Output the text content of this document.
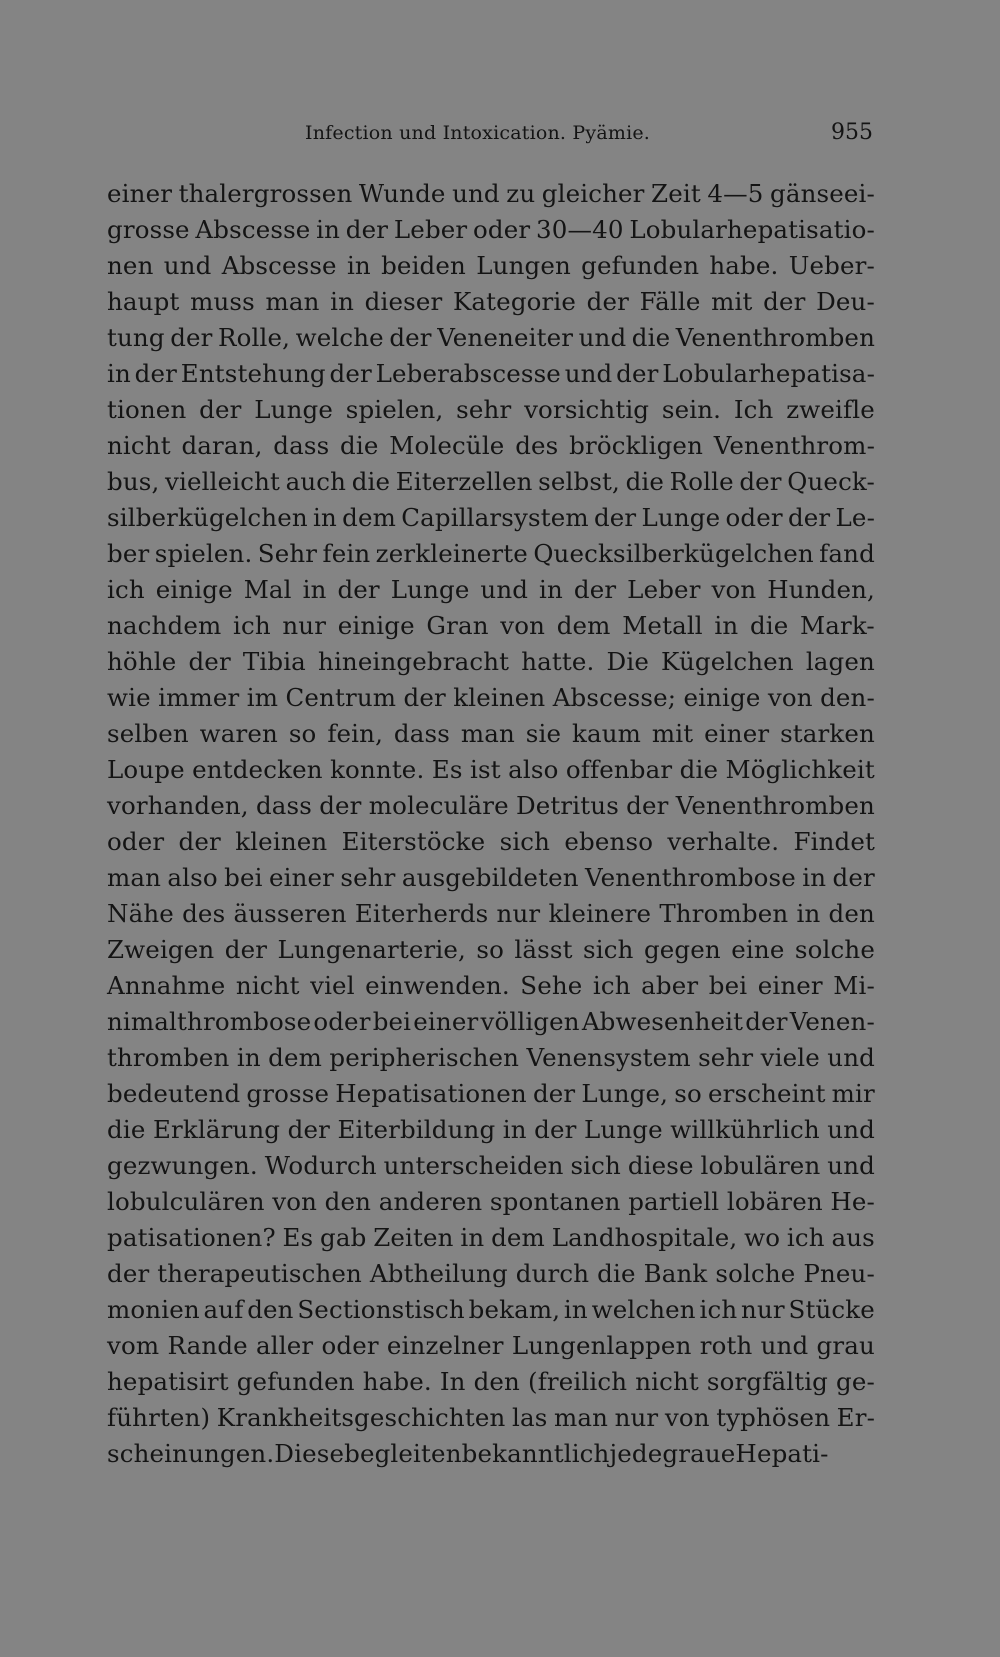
Infection und Intoxication. Pyämie.	955
einer thalergrossen Wunde und zu gleicher Zeit 4—5 gänseei-
grosse Abscesse in der Leber oder 30—40 Lobularhepatisatio-
nen und Abscesse in beiden Lungen gefunden habe. Ueber-
haupt muss man in dieser Kategorie der Fälle mit der Deu-
tung der Rolle, welche der Veneneiter und die Venenthromben
in der Entstehung der Leberabscesse und der Lobularhepatisa-
tionen der Lunge spielen, sehr vorsichtig sein. Ich zweifle
nicht daran, dass die Molecüle des bröckligen Venenthrom-
bus, vielleicht auch die Eiterzellen selbst, die Rolle der Queck-
silberkügelchen in dem Capillarsystem der Lunge oder der Le-
ber spielen. Sehr fein zerkleinerte Quecksilberkügelchen fand
ich einige Mal in der Lunge und in der Leber von Hunden,
nachdem ich nur einige Gran von dem Metall in die Mark-
höhle der Tibia hineingebracht hatte. Die Kügelchen lagen
wie immer im Centrum der kleinen Abscesse; einige von den-
selben waren so fein, dass man sie kaum mit einer starken
Loupe entdecken konnte. Es ist also offenbar die Möglichkeit
vorhanden, dass der moleculäre Detritus der Venenthromben
oder der kleinen Eiterstöcke sich ebenso verhalte. Findet
man also bei einer sehr ausgebildeten Venenthrombose in der
Nähe des äusseren Eiterherds nur kleinere Thromben in den
Zweigen der Lungenarterie, so lässt sich gegen eine solche
Annahme nicht viel einwenden. Sehe ich aber bei einer Mi-
nimalthrombose oder bei einer völligen Abwesenheit der Venen-
thromben in dem peripherischen Venensystem sehr viele und
bedeutend grosse Hepatisationen der Lunge, so erscheint mir
die Erklärung der Eiterbildung in der Lunge willkührlich und
gezwungen. Wodurch unterscheiden sich diese lobulären und
lobulculären von den anderen spontanen partiell lobären He-
patisationen? Es gab Zeiten in dem Landhospitale, wo ich aus
der therapeutischen Abtheilung durch die Bank solche Pneu-
monien auf den Sectionstisch bekam, in welchen ich nur Stücke
vom Rande aller oder einzelner Lungenlappen roth und grau
hepatisirt gefunden habe. In den (freilich nicht sorgfältig ge-
führten) Krankheitsgeschichten las man nur von typhösen Er-
scheinungen. Diese begleiten bekanntlich jede graue Hepati-
